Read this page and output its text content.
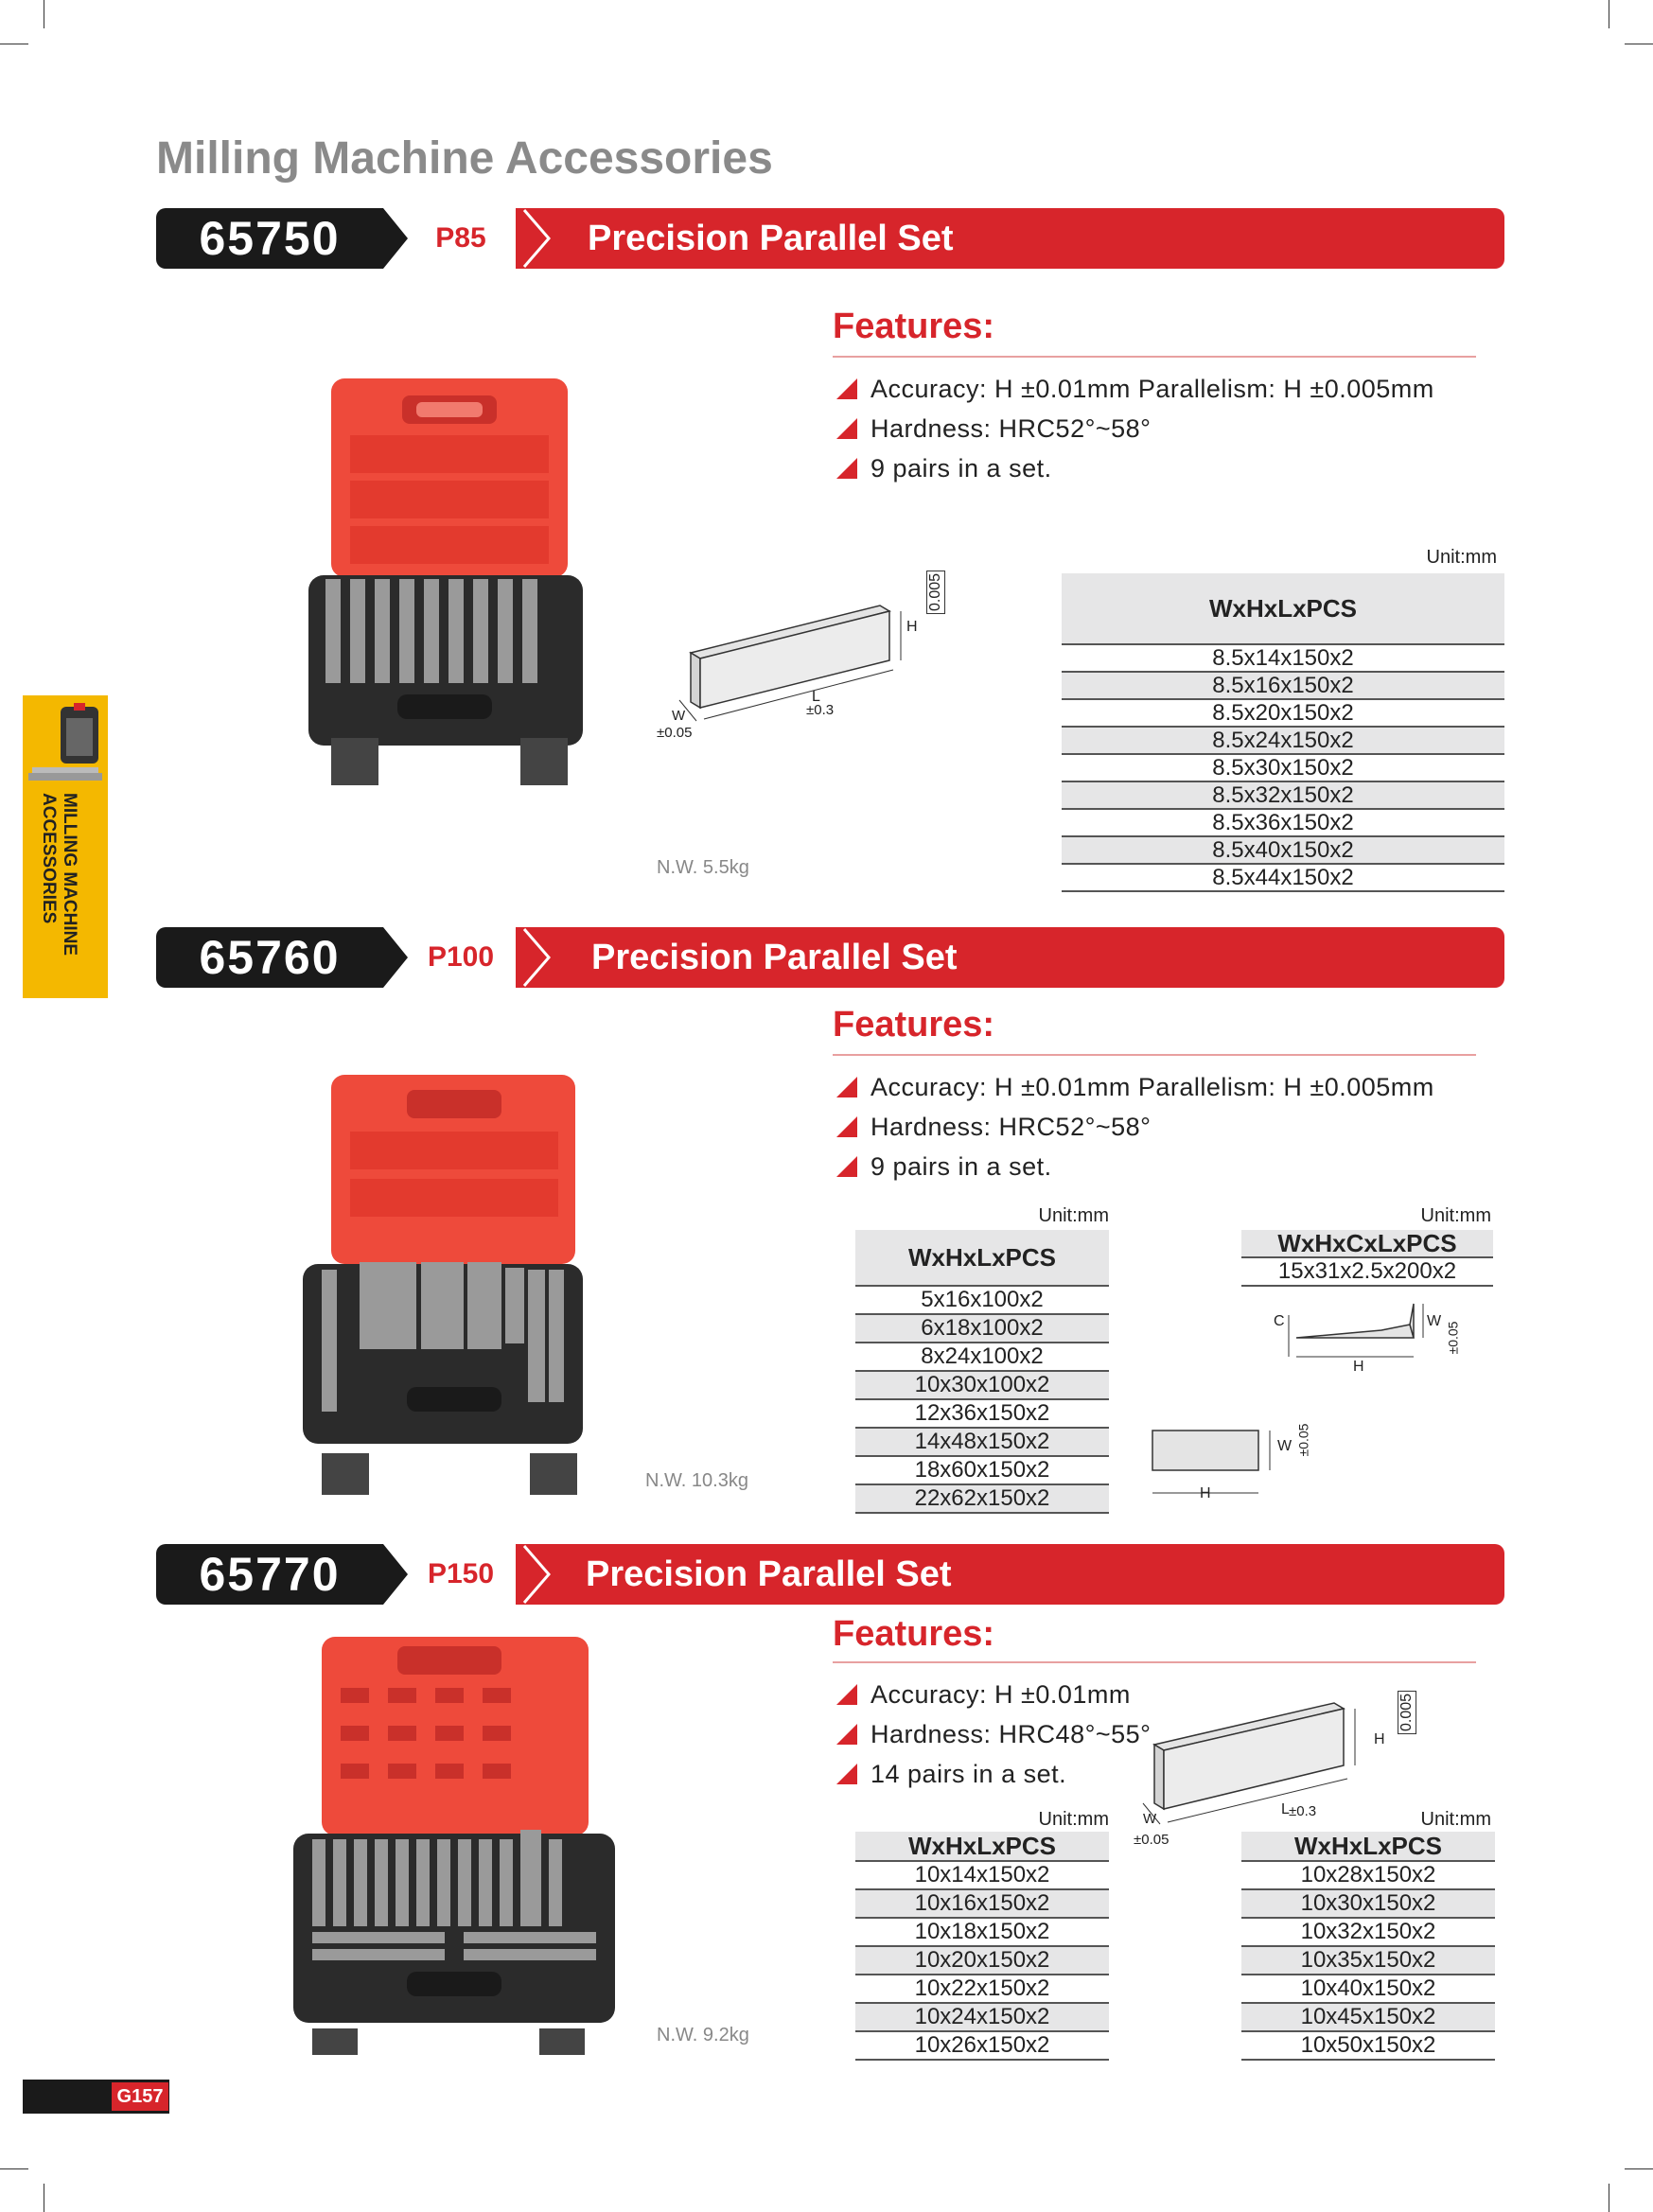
Milling Machine Accessories
MILLING MACHINE
ACCESSORIES
65750	P85	Precision Parallel Set
Features:
Accuracy: H ±0.01mm Parallelism: H ±0.005mm
Hardness: HRC52°~58°
9 pairs in a set.
N.W. 5.5kg
0.005
H
L
±0.3
W
±0.05
Unit:mm
WxHxLxPCS
8.5x14x150x2
8.5x16x150x2
8.5x20x150x2
8.5x24x150x2
8.5x30x150x2
8.5x32x150x2
8.5x36x150x2
8.5x40x150x2
8.5x44x150x2
65760	P100	Precision Parallel Set
Features:
Accuracy: H ±0.01mm Parallelism: H ±0.005mm
Hardness: HRC52°~58°
9 pairs in a set.
N.W. 10.3kg
Unit:mm
WxHxLxPCS
5x16x100x2
6x18x100x2
8x24x100x2
10x30x100x2
12x36x150x2
14x48x150x2
18x60x150x2
22x62x150x2
Unit:mm
WxHxCxLxPCS
15x31x2.5x200x2
C
H
W
±0.05
H
W ±0.05
65770	P150	Precision Parallel Set
Features:
Accuracy: H ±0.01mm
Hardness: HRC48°~55°
14 pairs in a set.
N.W. 9.2kg
0.005
H
L ±0.3
W
±0.05
Unit:mm
WxHxLxPCS
10x14x150x2
10x16x150x2
10x18x150x2
10x20x150x2
10x22x150x2
10x24x150x2
10x26x150x2
Unit:mm
WxHxLxPCS
10x28x150x2
10x30x150x2
10x32x150x2
10x35x150x2
10x40x150x2
10x45x150x2
10x50x150x2
G157
